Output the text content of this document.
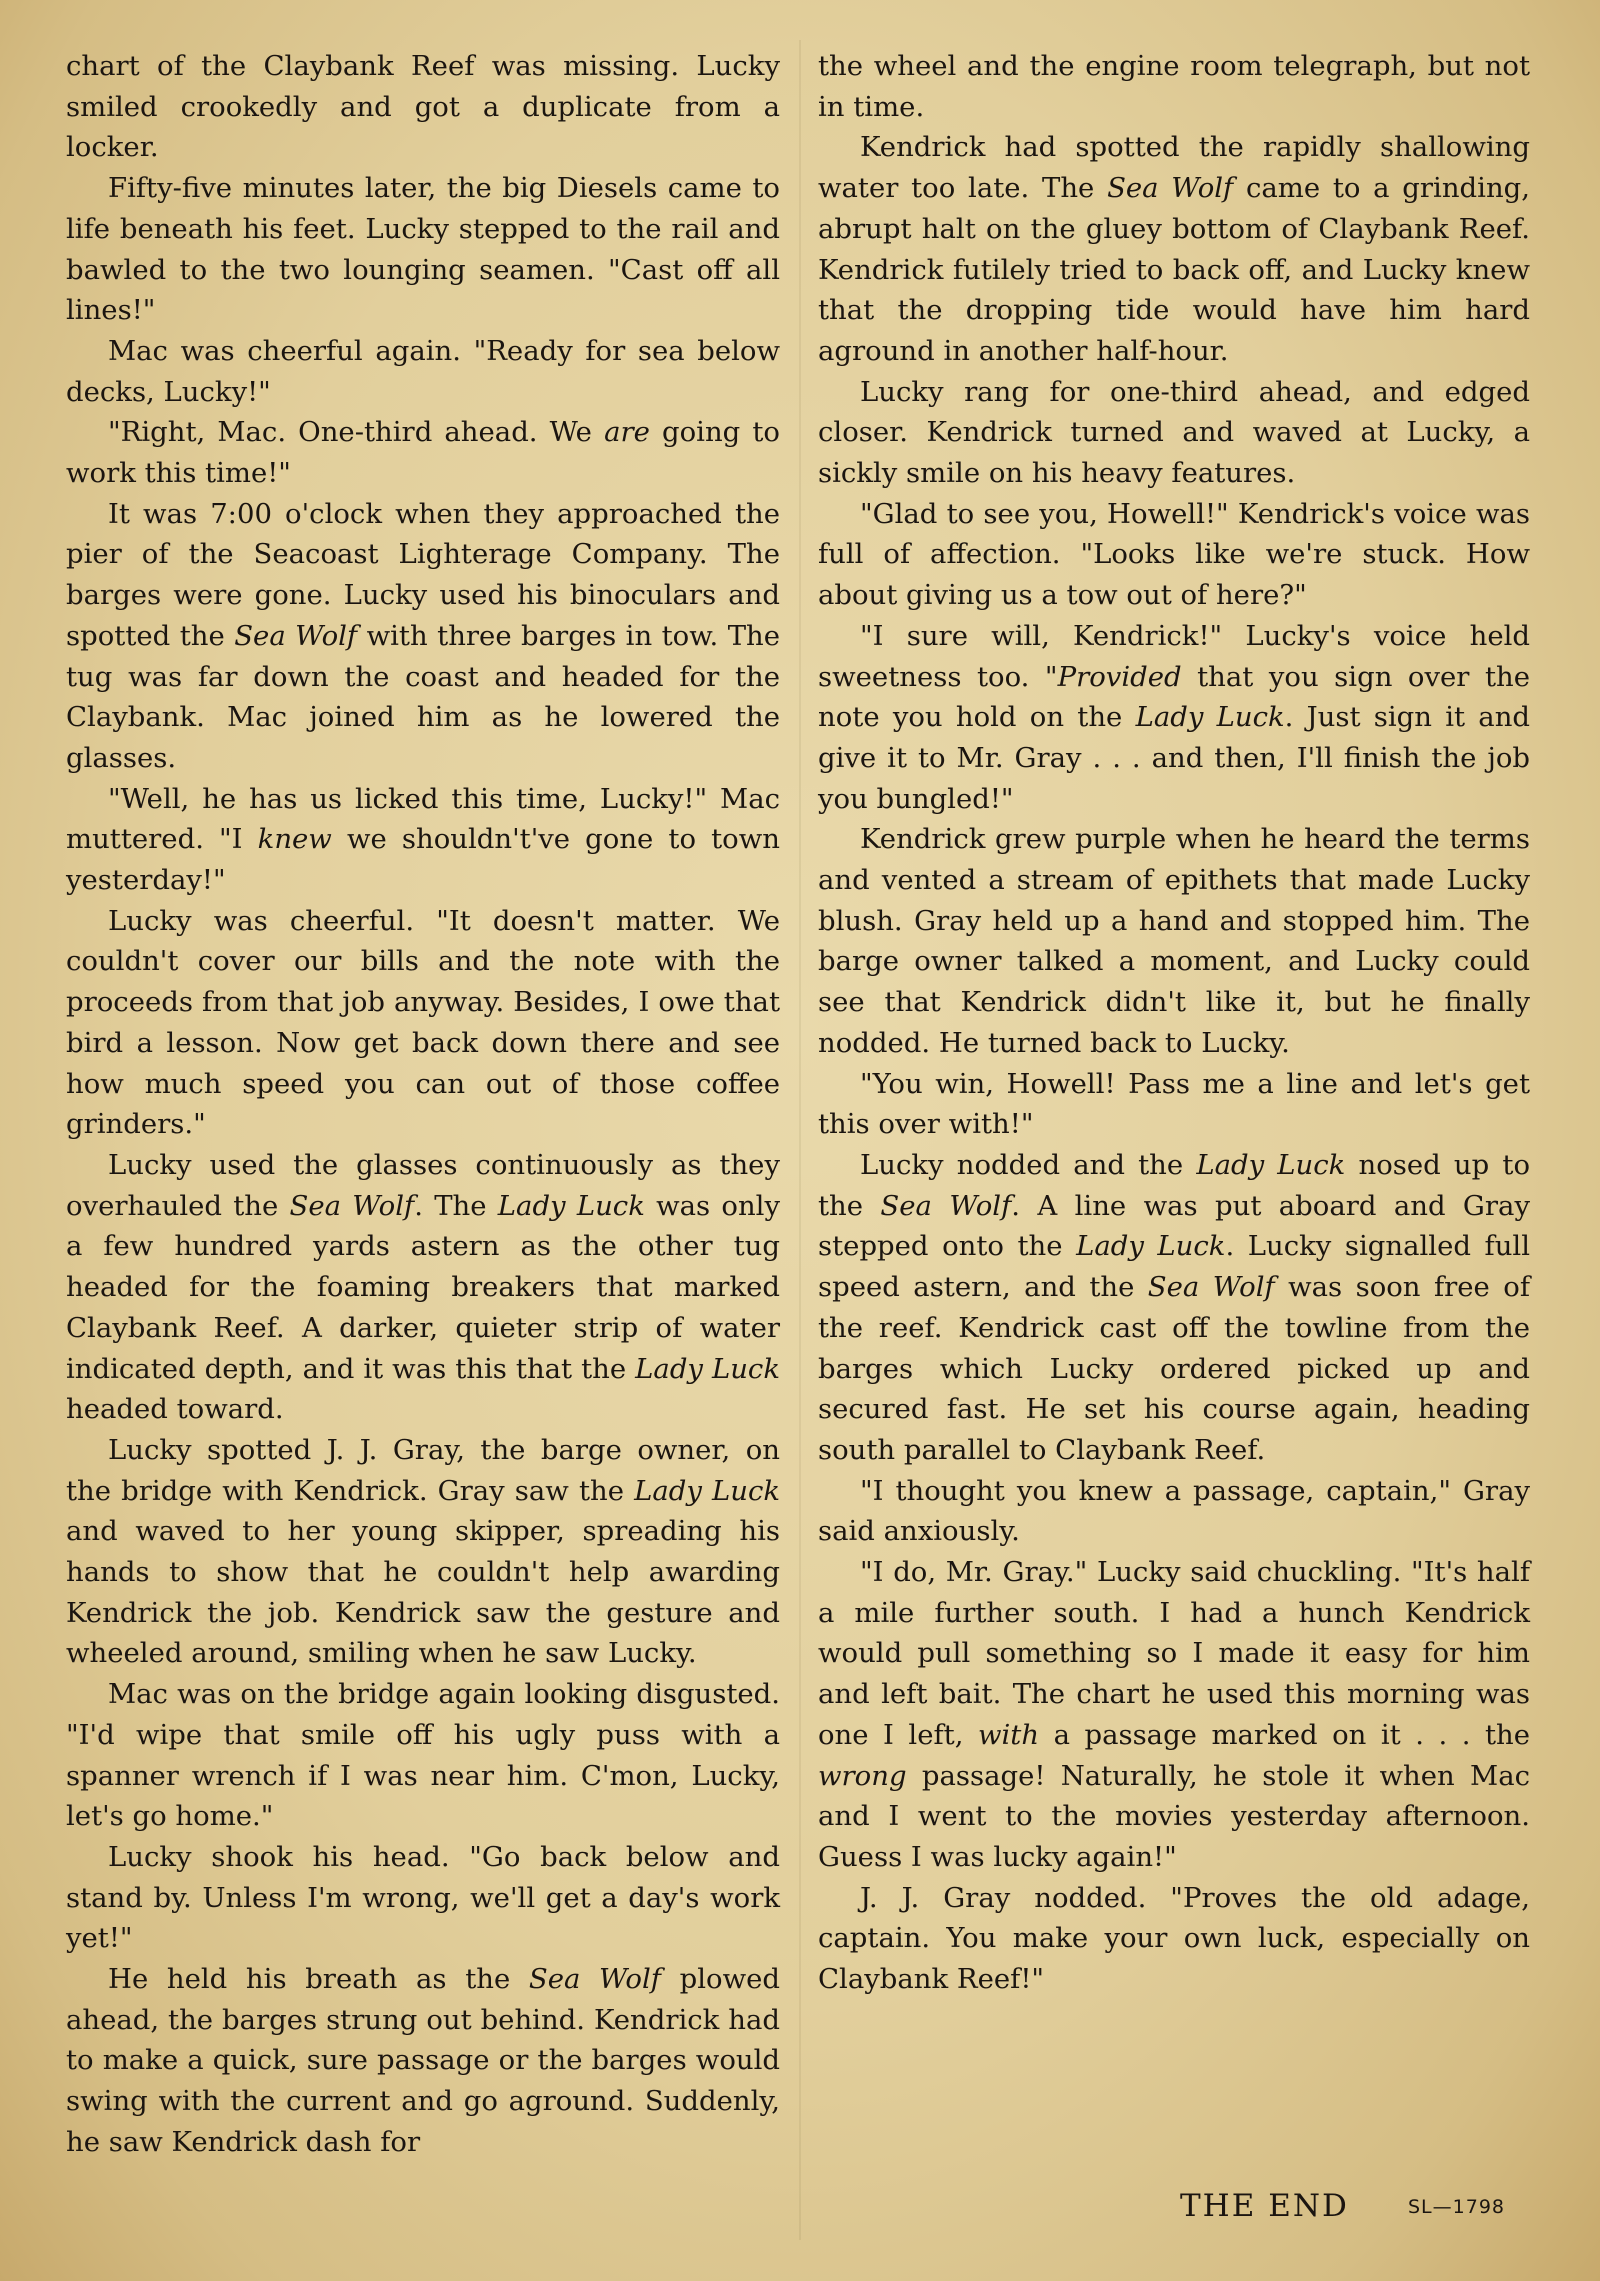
chart of the Claybank Reef was missing. Lucky smiled crookedly and got a duplicate from a locker.

Fifty-five minutes later, the big Diesels came to life beneath his feet. Lucky stepped to the rail and bawled to the two lounging seamen. "Cast off all lines!"

Mac was cheerful again. "Ready for sea below decks, Lucky!"

"Right, Mac. One-third ahead. We are going to work this time!"

It was 7:00 o'clock when they approached the pier of the Seacoast Lighterage Company. The barges were gone. Lucky used his binoculars and spotted the Sea Wolf with three barges in tow. The tug was far down the coast and headed for the Claybank. Mac joined him as he lowered the glasses.

"Well, he has us licked this time, Lucky!" Mac muttered. "I knew we shouldn't've gone to town yesterday!"

Lucky was cheerful. "It doesn't matter. We couldn't cover our bills and the note with the proceeds from that job anyway. Besides, I owe that bird a lesson. Now get back down there and see how much speed you can out of those coffee grinders."

Lucky used the glasses continuously as they overhauled the Sea Wolf. The Lady Luck was only a few hundred yards astern as the other tug headed for the foaming breakers that marked Claybank Reef. A darker, quieter strip of water indicated depth, and it was this that the Lady Luck headed toward.

Lucky spotted J. J. Gray, the barge owner, on the bridge with Kendrick. Gray saw the Lady Luck and waved to her young skipper, spreading his hands to show that he couldn't help awarding Kendrick the job. Kendrick saw the gesture and wheeled around, smiling when he saw Lucky.

Mac was on the bridge again looking disgusted. "I'd wipe that smile off his ugly puss with a spanner wrench if I was near him. C'mon, Lucky, let's go home."

Lucky shook his head. "Go back below and stand by. Unless I'm wrong, we'll get a day's work yet!"

He held his breath as the Sea Wolf plowed ahead, the barges strung out behind. Kendrick had to make a quick, sure passage or the barges would swing with the current and go aground. Suddenly, he saw Kendrick dash for

the wheel and the engine room telegraph, but not in time.

Kendrick had spotted the rapidly shallowing water too late. The Sea Wolf came to a grinding, abrupt halt on the gluey bottom of Claybank Reef. Kendrick futilely tried to back off, and Lucky knew that the dropping tide would have him hard aground in another half-hour.

Lucky rang for one-third ahead, and edged closer. Kendrick turned and waved at Lucky, a sickly smile on his heavy features.

"Glad to see you, Howell!" Kendrick's voice was full of affection. "Looks like we're stuck. How about giving us a tow out of here?"

"I sure will, Kendrick!" Lucky's voice held sweetness too. "Provided that you sign over the note you hold on the Lady Luck. Just sign it and give it to Mr. Gray . . . and then, I'll finish the job you bungled!"

Kendrick grew purple when he heard the terms and vented a stream of epithets that made Lucky blush. Gray held up a hand and stopped him. The barge owner talked a moment, and Lucky could see that Kendrick didn't like it, but he finally nodded. He turned back to Lucky.

"You win, Howell! Pass me a line and let's get this over with!"

Lucky nodded and the Lady Luck nosed up to the Sea Wolf. A line was put aboard and Gray stepped onto the Lady Luck. Lucky signalled full speed astern, and the Sea Wolf was soon free of the reef. Kendrick cast off the towline from the barges which Lucky ordered picked up and secured fast. He set his course again, heading south parallel to Claybank Reef.

"I thought you knew a passage, captain," Gray said anxiously.

"I do, Mr. Gray." Lucky said chuckling. "It's half a mile further south. I had a hunch Kendrick would pull something so I made it easy for him and left bait. The chart he used this morning was one I left, with a passage marked on it . . . the wrong passage! Naturally, he stole it when Mac and I went to the movies yesterday afternoon. Guess I was lucky again!"

J. J. Gray nodded. "Proves the old adage, captain. You make your own luck, especially on Claybank Reef!"

THE END	SL—1798
